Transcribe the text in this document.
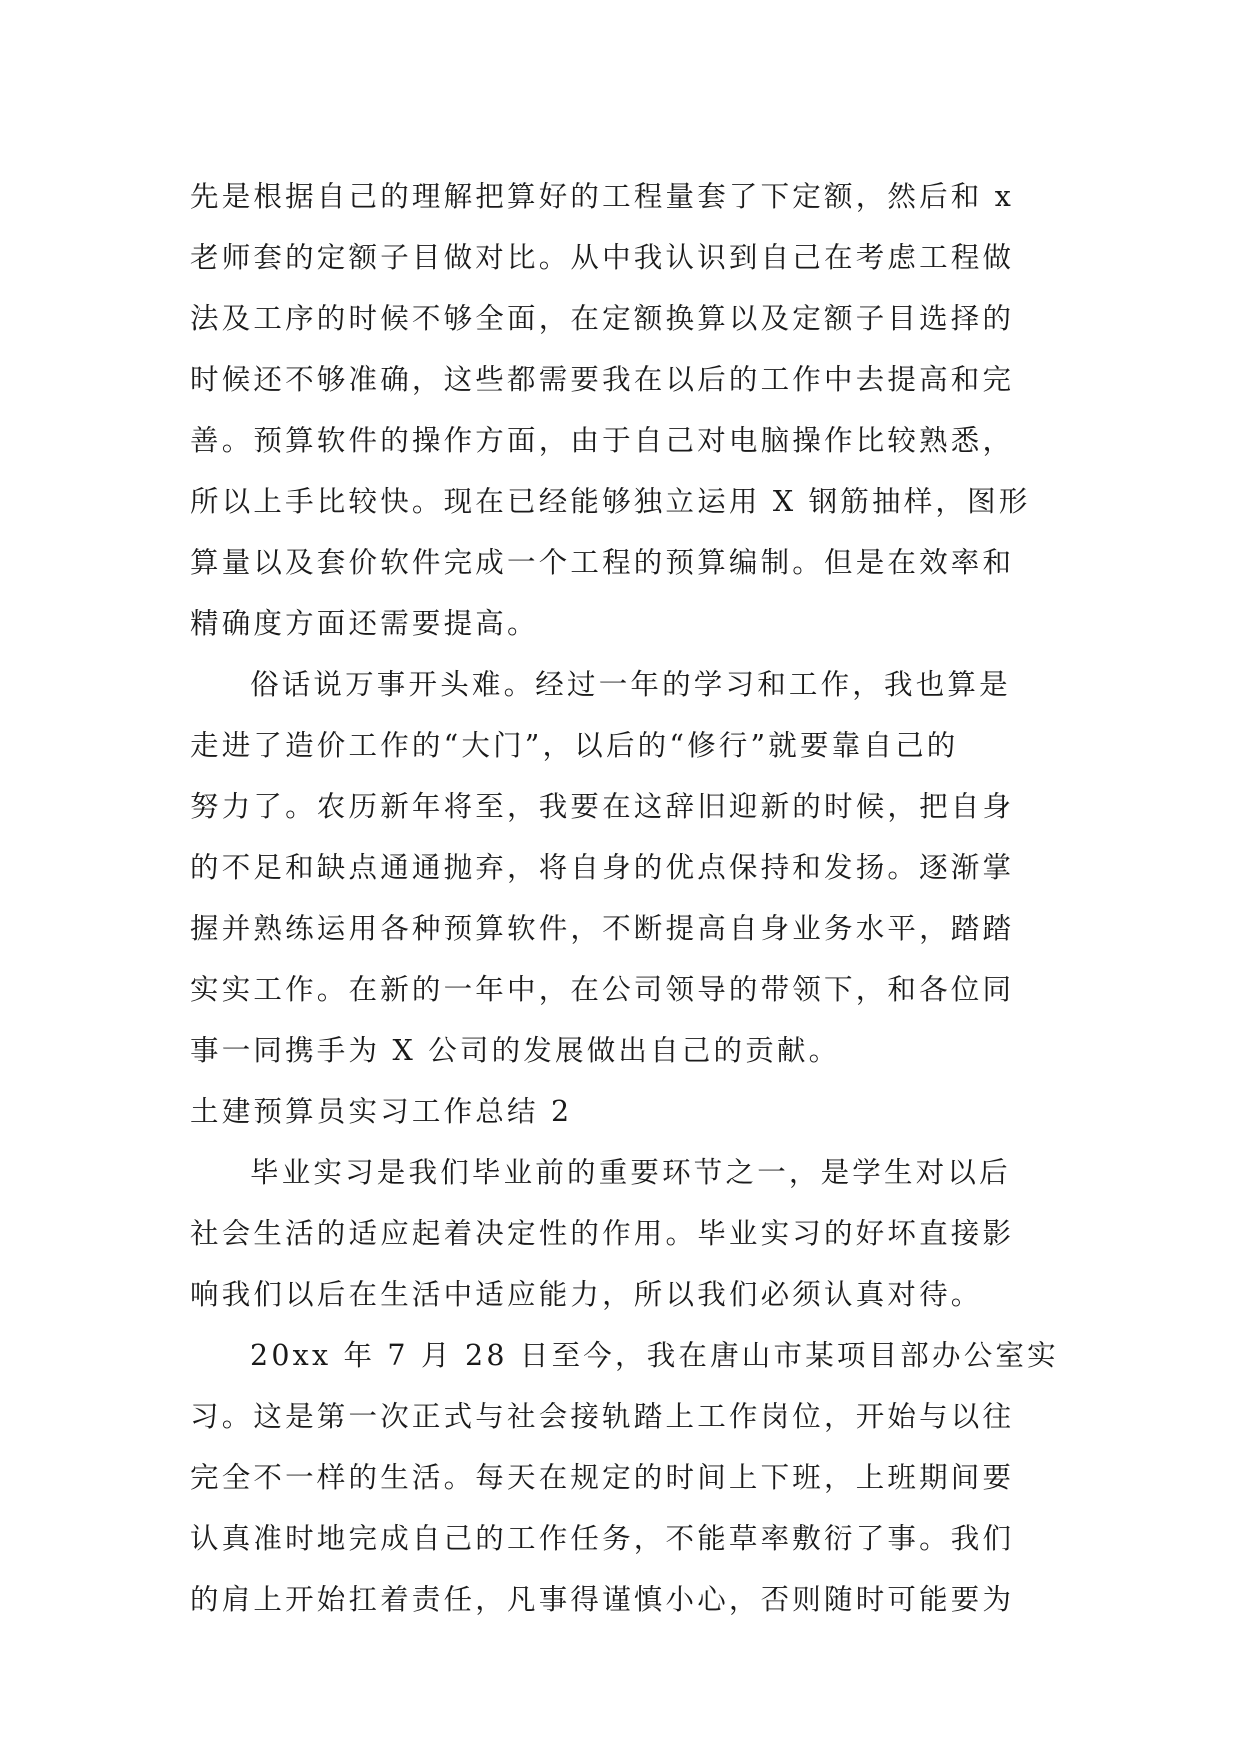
先是根据自己的理解把算好的工程量套了下定额，然后和 x
老师套的定额子目做对比。从中我认识到自己在考虑工程做
法及工序的时候不够全面，在定额换算以及定额子目选择的
时候还不够准确，这些都需要我在以后的工作中去提高和完
善。预算软件的操作方面，由于自己对电脑操作比较熟悉，
所以上手比较快。现在已经能够独立运用 X 钢筋抽样，图形
算量以及套价软件完成一个工程的预算编制。但是在效率和
精确度方面还需要提高。
俗话说万事开头难。经过一年的学习和工作，我也算是
走进了造价工作的“大门”，以后的“修行”就要靠自己的
努力了。农历新年将至，我要在这辞旧迎新的时候，把自身
的不足和缺点通通抛弃，将自身的优点保持和发扬。逐渐掌
握并熟练运用各种预算软件，不断提高自身业务水平，踏踏
实实工作。在新的一年中，在公司领导的带领下，和各位同
事一同携手为 X 公司的发展做出自己的贡献。
土建预算员实习工作总结 2
毕业实习是我们毕业前的重要环节之一，是学生对以后
社会生活的适应起着决定性的作用。毕业实习的好坏直接影
响我们以后在生活中适应能力，所以我们必须认真对待。
20xx 年 7 月 28 日至今，我在唐山市某项目部办公室实
习。这是第一次正式与社会接轨踏上工作岗位，开始与以往
完全不一样的生活。每天在规定的时间上下班，上班期间要
认真准时地完成自己的工作任务，不能草率敷衍了事。我们
的肩上开始扛着责任，凡事得谨慎小心，否则随时可能要为
